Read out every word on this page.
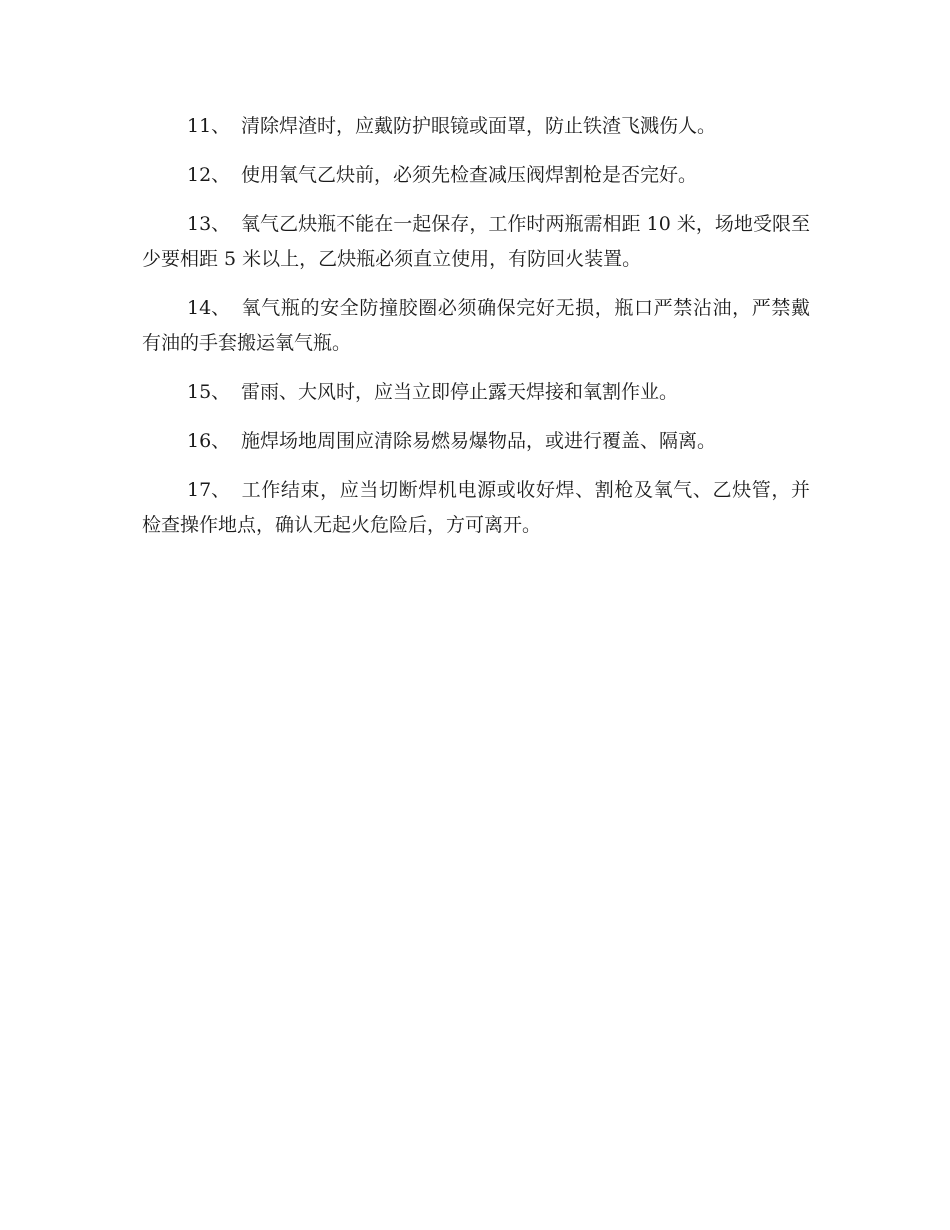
11、 清除焊渣时，应戴防护眼镜或面罩，防止铁渣飞溅伤人。

12、 使用氧气乙炔前，必须先检查减压阀焊割枪是否完好。

13、 氧气乙炔瓶不能在一起保存，工作时两瓶需相距 10 米，场地受限至少要相距 5 米以上，乙炔瓶必须直立使用，有防回火装置。

14、 氧气瓶的安全防撞胶圈必须确保完好无损，瓶口严禁沾油，严禁戴有油的手套搬运氧气瓶。

15、 雷雨、大风时，应当立即停止露天焊接和氧割作业。

16、 施焊场地周围应清除易燃易爆物品，或进行覆盖、隔离。

17、 工作结束，应当切断焊机电源或收好焊、割枪及氧气、乙炔管，并检查操作地点，确认无起火危险后，方可离开。
